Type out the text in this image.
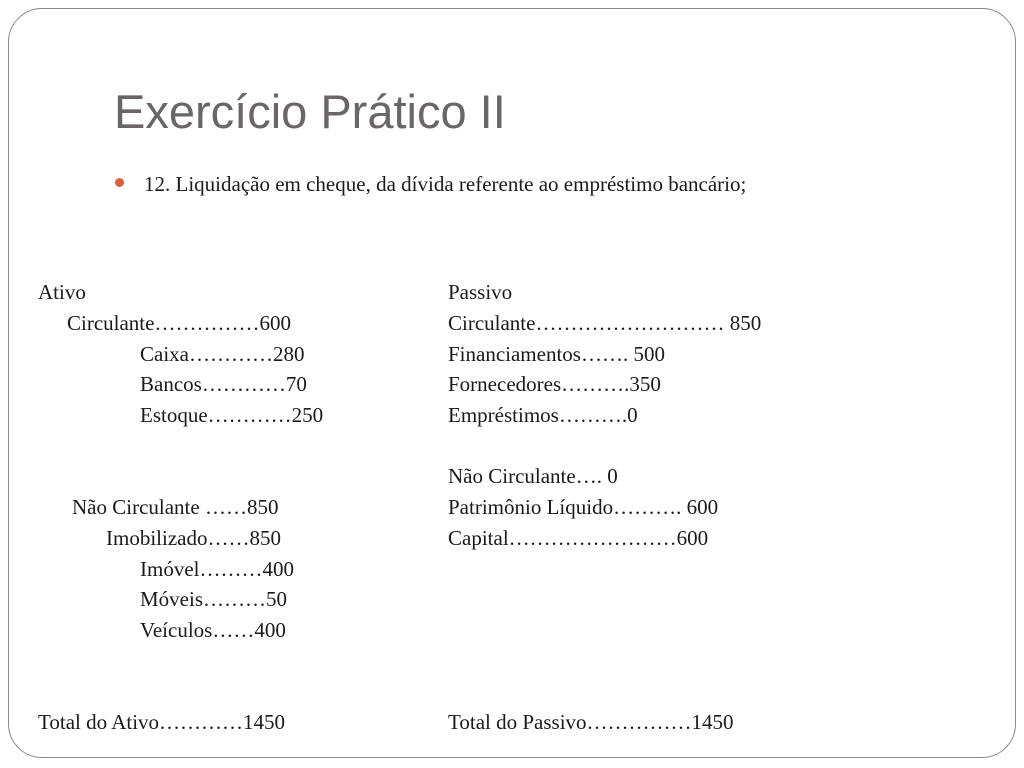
Exercício Prático II
12. Liquidação em cheque, da dívida referente ao empréstimo bancário;
Ativo
Circulante……………600
Caixa…………280
Bancos…………70
Estoque…………250
Não Circulante ……850
Imobilizado……850
Imóvel………400
Móveis………50
Veículos……400
Total do Ativo…………1450
Passivo
Circulante……………………… 850
Financiamentos……. 500
Fornecedores……….350
Empréstimos……….0
Não Circulante…. 0
Patrimônio Líquido………. 600
Capital……………………600
Total do Passivo……………1450
